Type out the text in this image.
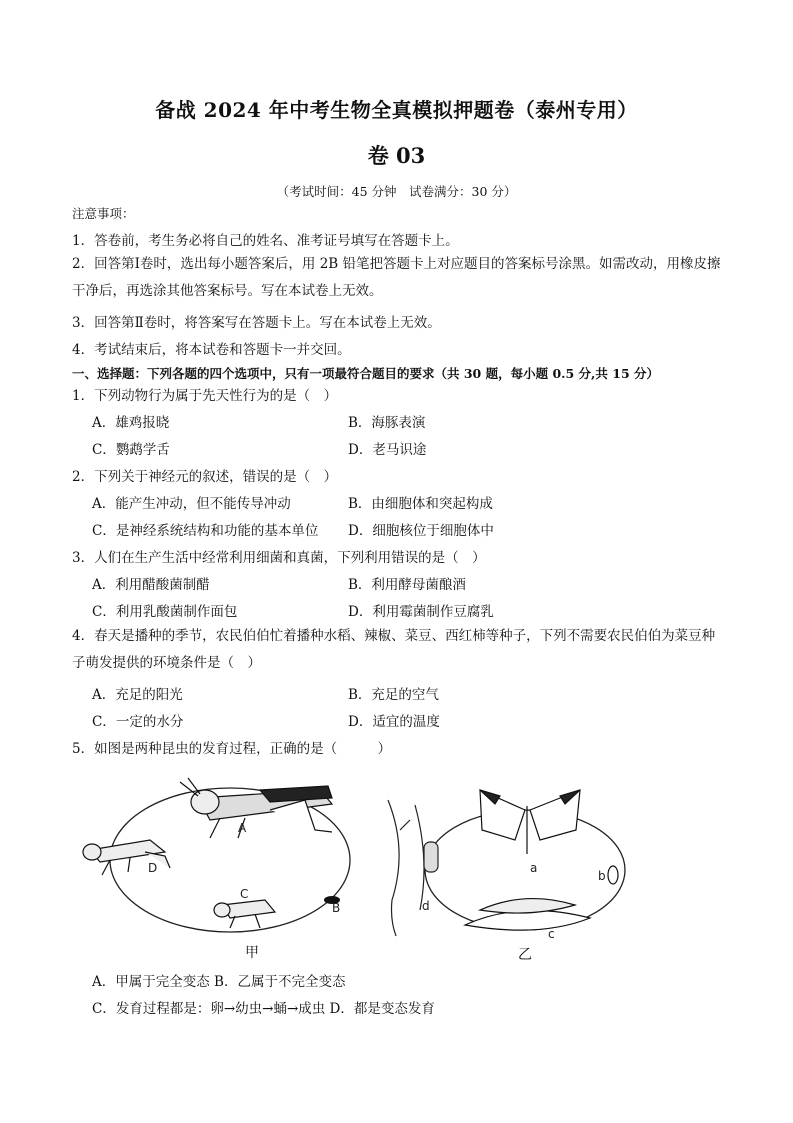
备战 2024 年中考生物全真模拟押题卷（泰州专用）
卷 03
（考试时间：45 分钟　试卷满分：30 分）
注意事项：
1．答卷前，考生务必将自己的姓名、准考证号填写在答题卡上。
2．回答第Ⅰ卷时，选出每小题答案后，用 2B 铅笔把答题卡上对应题目的答案标号涂黑。如需改动，用橡皮擦干净后，再选涂其他答案标号。写在本试卷上无效。
3．回答第Ⅱ卷时，将答案写在答题卡上。写在本试卷上无效。
4．考试结束后，将本试卷和答题卡一并交回。
一、选择题：下列各题的四个选项中，只有一项最符合题目的要求（共 30 题，每小题 0.5 分,共 15 分）
1．下列动物行为属于先天性行为的是（　）
A．雄鸡报晓	B．海豚表演
C．鹦鹉学舌	D．老马识途
2．下列关于神经元的叙述，错误的是（　）
A．能产生冲动，但不能传导冲动	B．由细胞体和突起构成
C．是神经系统结构和功能的基本单位 D．细胞核位于细胞体中
3．人们在生产生活中经常利用细菌和真菌，下列利用错误的是（　）
A．利用醋酸菌制醋	B．利用酵母菌酿酒
C．利用乳酸菌制作面包	D．利用霉菌制作豆腐乳
4．春天是播种的季节，农民伯伯忙着播种水稻、辣椒、菜豆、西红柿等种子，下列不需要农民伯伯为菜豆种子萌发提供的环境条件是（　）
A．充足的阳光	B．充足的空气
C．一定的水分	D．适宜的温度
5．如图是两种昆虫的发育过程，正确的是（　　　）
A
B
C
D	a
b
c
d
甲	乙
A．甲属于完全变态 B．乙属于不完全变态
C．发育过程都是：卵→幼虫→蛹→成虫 D．都是变态发育
